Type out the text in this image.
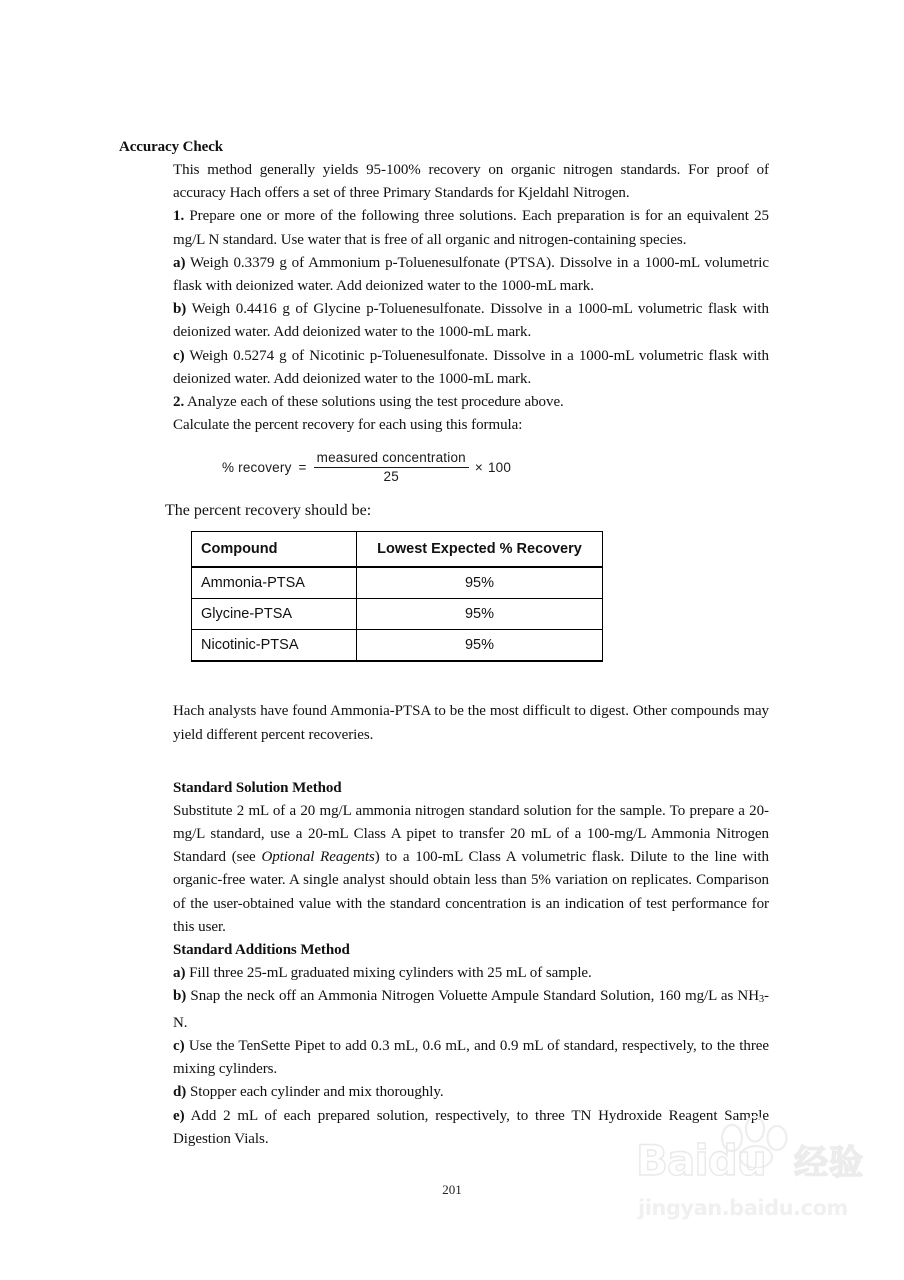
Accuracy Check

This method generally yields 95-100% recovery on organic nitrogen standards. For proof of accuracy Hach offers a set of three Primary Standards for Kjeldahl Nitrogen.

1. Prepare one or more of the following three solutions. Each preparation is for an equivalent 25 mg/L N standard. Use water that is free of all organic and nitrogen-containing species.

a) Weigh 0.3379 g of Ammonium p-Toluenesulfonate (PTSA). Dissolve in a 1000-mL volumetric flask with deionized water. Add deionized water to the 1000-mL mark.

b) Weigh 0.4416 g of Glycine p-Toluenesulfonate. Dissolve in a 1000-mL volumetric flask with deionized water. Add deionized water to the 1000-mL mark.

c) Weigh 0.5274 g of Nicotinic p-Toluenesulfonate. Dissolve in a 1000-mL volumetric flask with deionized water. Add deionized water to the 1000-mL mark.

2. Analyze each of these solutions using the test procedure above.

Calculate the percent recovery for each using this formula:

% recovery = $\frac{\text{measured concentration}}{25} \times 100$
The percent recovery should be:
Compound	Lowest Expected % Recovery
Ammonia-PTSA	95%
Glycine-PTSA	95%
Nicotinic-PTSA	95%

Hach analysts have found Ammonia-PTSA to be the most difficult to digest. Other compounds may yield different percent recoveries.

Standard Solution Method

Substitute 2 mL of a 20 mg/L ammonia nitrogen standard solution for the sample. To prepare a 20-mg/L standard, use a 20-mL Class A pipet to transfer 20 mL of a 100-mg/L Ammonia Nitrogen Standard (see Optional Reagents) to a 100-mL Class A volumetric flask. Dilute to the line with organic-free water. A single analyst should obtain less than 5% variation on replicates. Comparison of the user-obtained value with the standard concentration is an indication of test performance for this user.

Standard Additions Method

a) Fill three 25-mL graduated mixing cylinders with 25 mL of sample.

b) Snap the neck off an Ammonia Nitrogen Voluette Ampule Standard Solution, 160 mg/L as $NH_3-N$.

c) Use the TenSette Pipet to add 0.3 mL, 0.6 mL, and 0.9 mL of standard, respectively, to the three mixing cylinders.

d) Stopper each cylinder and mix thoroughly.

e) Add 2 mL of each prepared solution, respectively, to three TN Hydroxide Reagent Sample Digestion Vials.

201
Baidu 经验
jingyan.baidu.com
